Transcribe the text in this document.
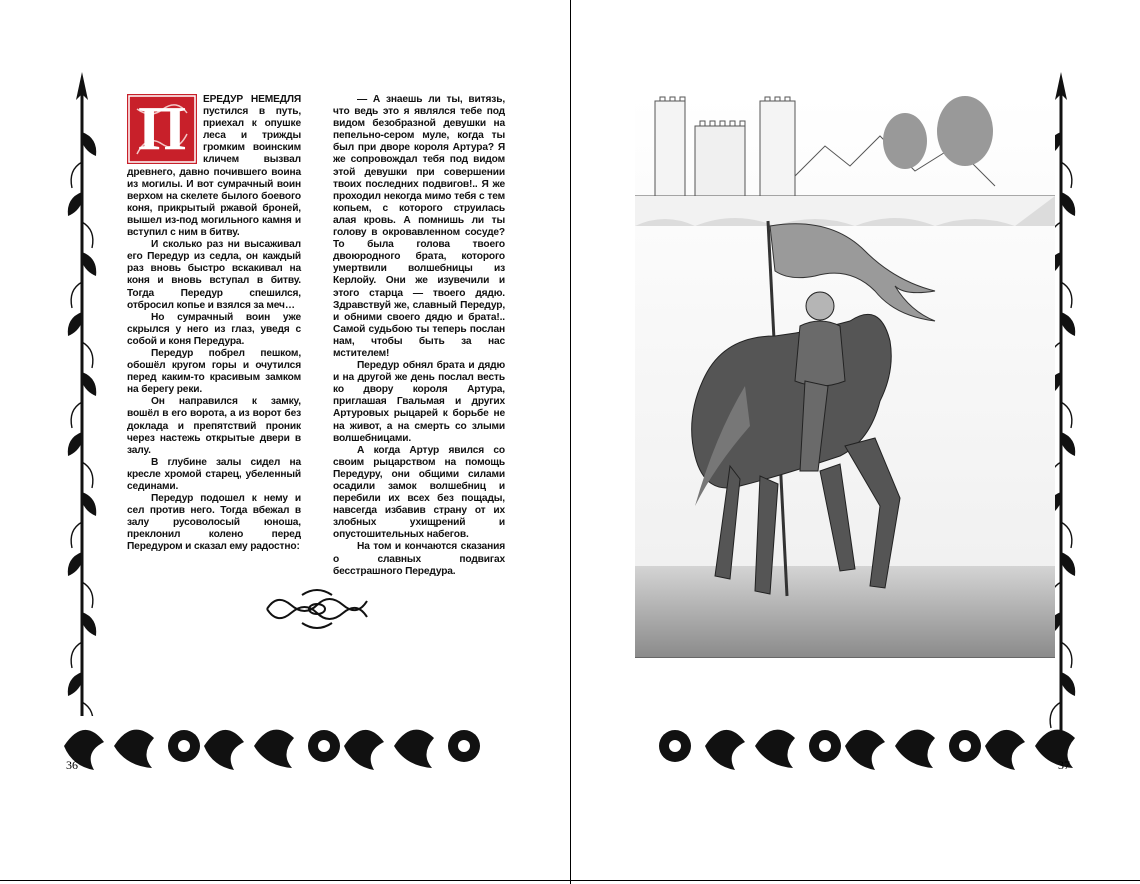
П	ЕРЕДУР НЕМЕДЛЯ пустился в путь, приехал к опушке леса и трижды громким воинским кличем вызвал древнего, давно почившего воина из могилы. И вот сумрачный воин верхом на скелете былого боевого коня, прикрытый ржавой броней, вышел из-под могильного камня и вступил с ним в битву.

И сколько раз ни высаживал его Передур из седла, он каждый раз вновь быстро вскакивал на коня и вновь вступал в битву. Тогда Передур спешился, отбросил копье и взялся за меч…

Но сумрачный воин уже скрылся у него из глаз, уведя с собой и коня Передура.

Передур побрел пешком, обошёл кругом горы и очутился перед каким-то красивым замком на берегу реки.

Он направился к замку, вошёл в его ворота, а из ворот без доклада и препятствий проник через настежь открытые двери в залу.

В глубине залы сидел на кресле хромой старец, убеленный сединами.

Передур подошел к нему и сел против него. Тогда вбежал в залу русоволосый юноша, преклонил колено перед Передуром и сказал ему радостно:

— А знаешь ли ты, витязь, что ведь это я являлся тебе под видом безобразной девушки на пепельно-сером муле, когда ты был при дворе короля Артура? Я же сопровождал тебя под видом этой девушки при совершении твоих последних подвигов!.. Я же проходил некогда мимо тебя с тем копьем, с которого струилась алая кровь. А помнишь ли ты голову в окровавленном сосуде? То была голова твоего двоюродного брата, которого умертвили волшебницы из Керлойу. Они же изувечили и этого старца — твоего дядю. Здравствуй же, славный Передур, и обними своего дядю и брата!.. Самой судьбою ты теперь послан нам, чтобы быть за нас мстителем!

Передур обнял брата и дядю и на другой же день послал весть ко двору короля Артура, приглашая Гвальмая и других Артуровых рыцарей к борьбе не на живот, а на смерть со злыми волшебницами.

А когда Артур явился со своим рыцарством на помощь Передуру, они общими силами осадили замок волшебниц и перебили их всех без пощады, навсегда избавив страну от их злобных ухищрений и опустошительных набегов.

На том и кончаются сказания о славных подвигах бесстрашного Передура.

36	37
